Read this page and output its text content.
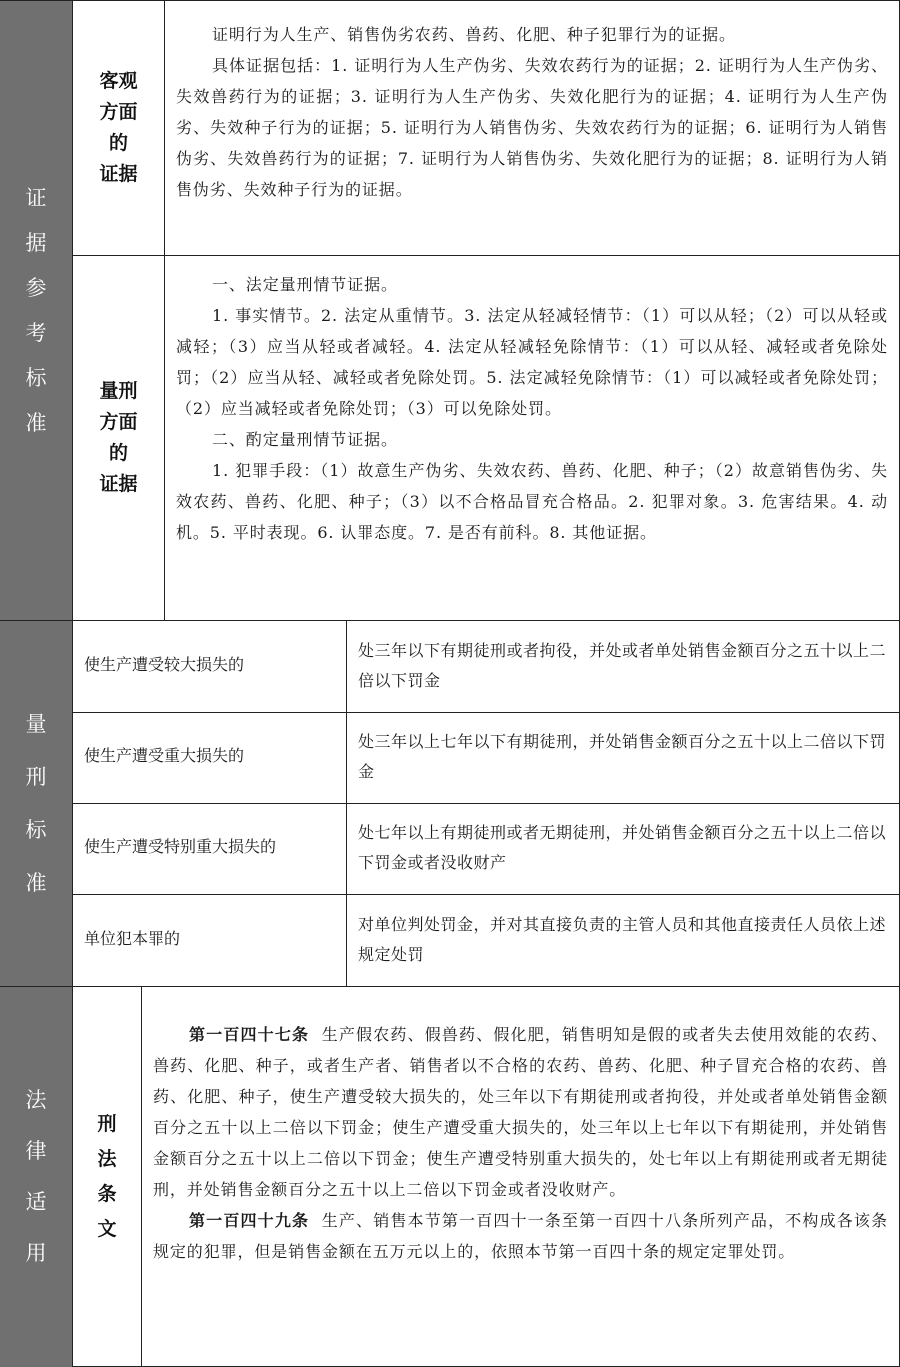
证
据
参
考
标
准
客观
方面
的
证据

证明行为人生产、销售伪劣农药、兽药、化肥、种子犯罪行为的证据。

具体证据包括：1. 证明行为人生产伪劣、失效农药行为的证据；2. 证明行为人生产伪劣、失效兽药行为的证据；3. 证明行为人生产伪劣、失效化肥行为的证据；4. 证明行为人生产伪劣、失效种子行为的证据；5. 证明行为人销售伪劣、失效农药行为的证据；6. 证明行为人销售伪劣、失效兽药行为的证据；7. 证明行为人销售伪劣、失效化肥行为的证据；8. 证明行为人销售伪劣、失效种子行为的证据。

量刑
方面
的
证据

一、法定量刑情节证据。

1. 事实情节。2. 法定从重情节。3. 法定从轻减轻情节：（1）可以从轻；（2）可以从轻或减轻；（3）应当从轻或者减轻。4. 法定从轻减轻免除情节：（1）可以从轻、减轻或者免除处罚；（2）应当从轻、减轻或者免除处罚。5. 法定减轻免除情节：（1）可以减轻或者免除处罚；（2）应当减轻或者免除处罚；（3）可以免除处罚。

二、酌定量刑情节证据。

1. 犯罪手段：（1）故意生产伪劣、失效农药、兽药、化肥、种子；（2）故意销售伪劣、失效农药、兽药、化肥、种子；（3）以不合格品冒充合格品。2. 犯罪对象。3. 危害结果。4. 动机。5. 平时表现。6. 认罪态度。7. 是否有前科。8. 其他证据。

量
刑
标
准
使生产遭受较大损失的
处三年以下有期徒刑或者拘役，并处或者单处销售金额百分之五十以上二倍以下罚金
使生产遭受重大损失的
处三年以上七年以下有期徒刑，并处销售金额百分之五十以上二倍以下罚金
使生产遭受特别重大损失的
处七年以上有期徒刑或者无期徒刑，并处销售金额百分之五十以上二倍以下罚金或者没收财产
单位犯本罪的
对单位判处罚金，并对其直接负责的主管人员和其他直接责任人员依上述规定处罚
法
律
适
用
刑
法
条
文

第一百四十七条 生产假农药、假兽药、假化肥，销售明知是假的或者失去使用效能的农药、兽药、化肥、种子，或者生产者、销售者以不合格的农药、兽药、化肥、种子冒充合格的农药、兽药、化肥、种子，使生产遭受较大损失的，处三年以下有期徒刑或者拘役，并处或者单处销售金额百分之五十以上二倍以下罚金；使生产遭受重大损失的，处三年以上七年以下有期徒刑，并处销售金额百分之五十以上二倍以下罚金；使生产遭受特别重大损失的，处七年以上有期徒刑或者无期徒刑，并处销售金额百分之五十以上二倍以下罚金或者没收财产。

第一百四十九条 生产、销售本节第一百四十一条至第一百四十八条所列产品，不构成各该条规定的犯罪，但是销售金额在五万元以上的，依照本节第一百四十条的规定定罪处罚。
